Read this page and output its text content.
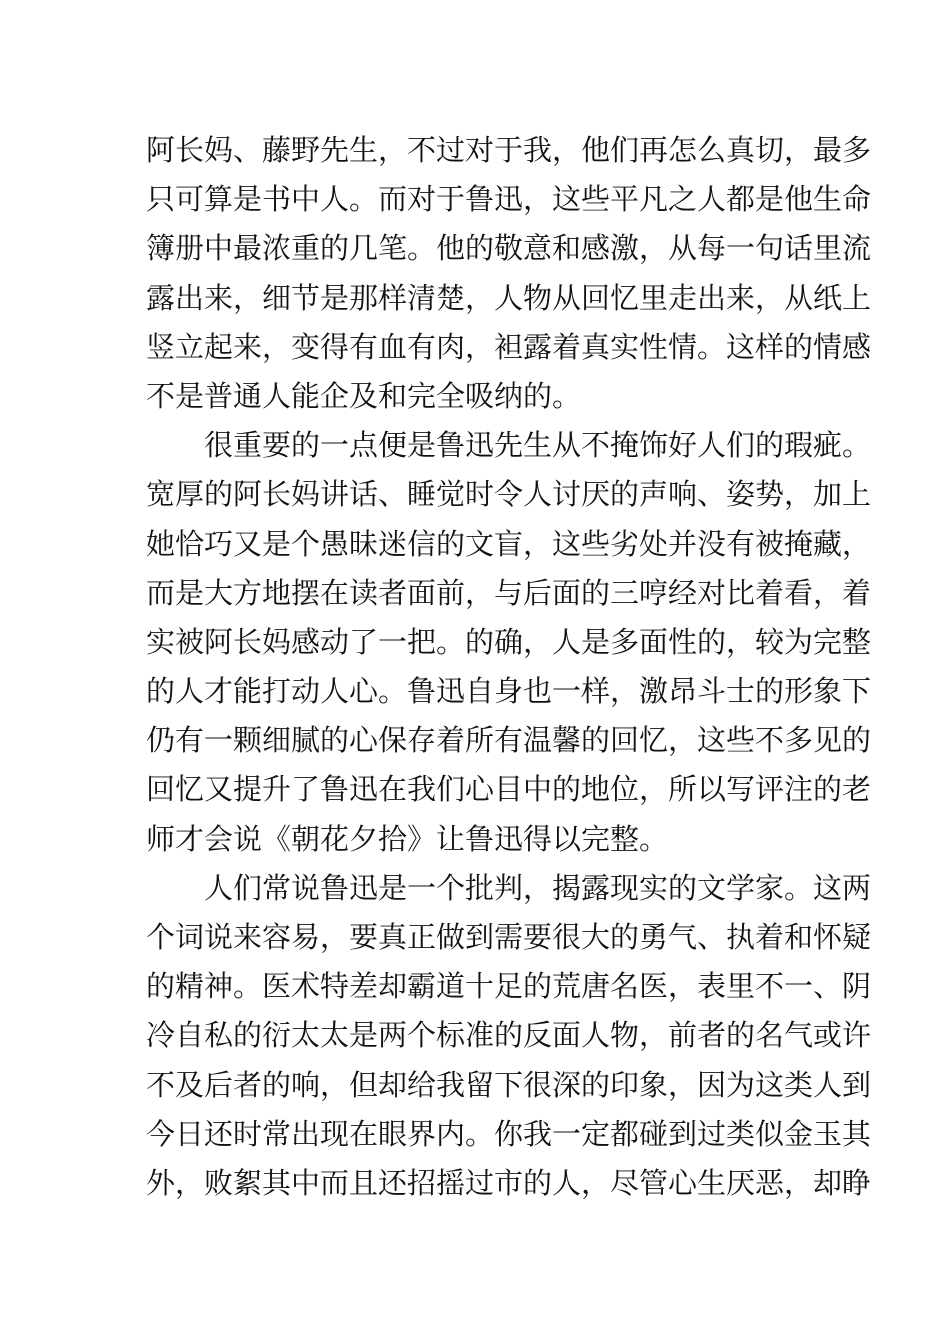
阿长妈、藤野先生，不过对于我，他们再怎么真切，最多
只可算是书中人。而对于鲁迅，这些平凡之人都是他生命
簿册中最浓重的几笔。他的敬意和感激，从每一句话里流
露出来，细节是那样清楚，人物从回忆里走出来，从纸上
竖立起来，变得有血有肉，袒露着真实性情。这样的情感
不是普通人能企及和完全吸纳的。
很重要的一点便是鲁迅先生从不掩饰好人们的瑕疵。
宽厚的阿长妈讲话、睡觉时令人讨厌的声响、姿势，加上
她恰巧又是个愚昧迷信的文盲，这些劣处并没有被掩藏，
而是大方地摆在读者面前，与后面的三哼经对比着看，着
实被阿长妈感动了一把。的确，人是多面性的，较为完整
的人才能打动人心。鲁迅自身也一样，激昂斗士的形象下
仍有一颗细腻的心保存着所有温馨的回忆，这些不多见的
回忆又提升了鲁迅在我们心目中的地位，所以写评注的老
师才会说《朝花夕拾》让鲁迅得以完整。
人们常说鲁迅是一个批判，揭露现实的文学家。这两
个词说来容易，要真正做到需要很大的勇气、执着和怀疑
的精神。医术特差却霸道十足的荒唐名医，表里不一、阴
冷自私的衍太太是两个标准的反面人物，前者的名气或许
不及后者的响，但却给我留下很深的印象，因为这类人到
今日还时常出现在眼界内。你我一定都碰到过类似金玉其
外，败絮其中而且还招摇过市的人，尽管心生厌恶，却睁
